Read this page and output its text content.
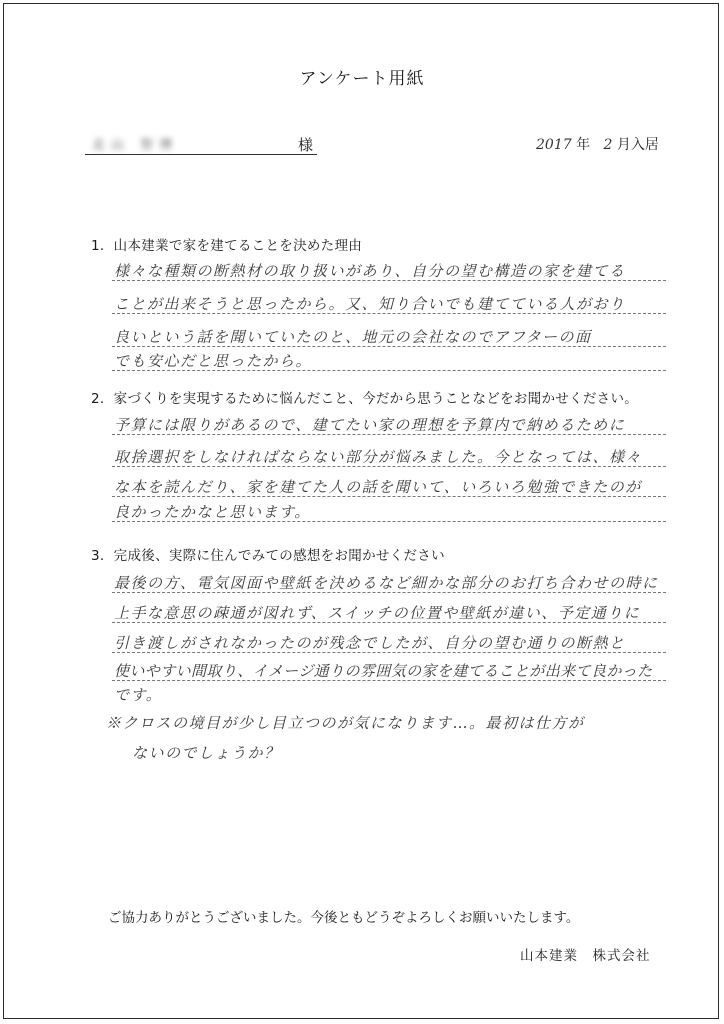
アンケート用紙
北山 智博	様	2017 年 2 月入居
1. 山本建業で家を建てることを決めた理由
様々な種類の断熱材の取り扱いがあり、自分の望む構造の家を建てる
ことが出来そうと思ったから。又、知り合いでも建てている人がおり
良いという話を聞いていたのと、地元の会社なのでアフターの面
でも安心だと思ったから。
2. 家づくりを実現するために悩んだこと、今だから思うことなどをお聞かせください。
予算には限りがあるので、建てたい家の理想を予算内で納めるために
取捨選択をしなければならない部分が悩みました。今となっては、様々
な本を読んだり、家を建てた人の話を聞いて、いろいろ勉強できたのが
良かったかなと思います。
3. 完成後、実際に住んでみての感想をお聞かせください
最後の方、電気図面や壁紙を決めるなど細かな部分のお打ち合わせの時に
上手な意思の疎通が図れず、スイッチの位置や壁紙が違い、予定通りに
引き渡しがされなかったのが残念でしたが、自分の望む通りの断熱と
使いやすい間取り、イメージ通りの雰囲気の家を建てることが出来て良かった
です。
※クロスの境目が少し目立つのが気になります…。最初は仕方が
ないのでしょうか？
ご協力ありがとうございました。今後ともどうぞよろしくお願いいたします。
山本建業　株式会社
